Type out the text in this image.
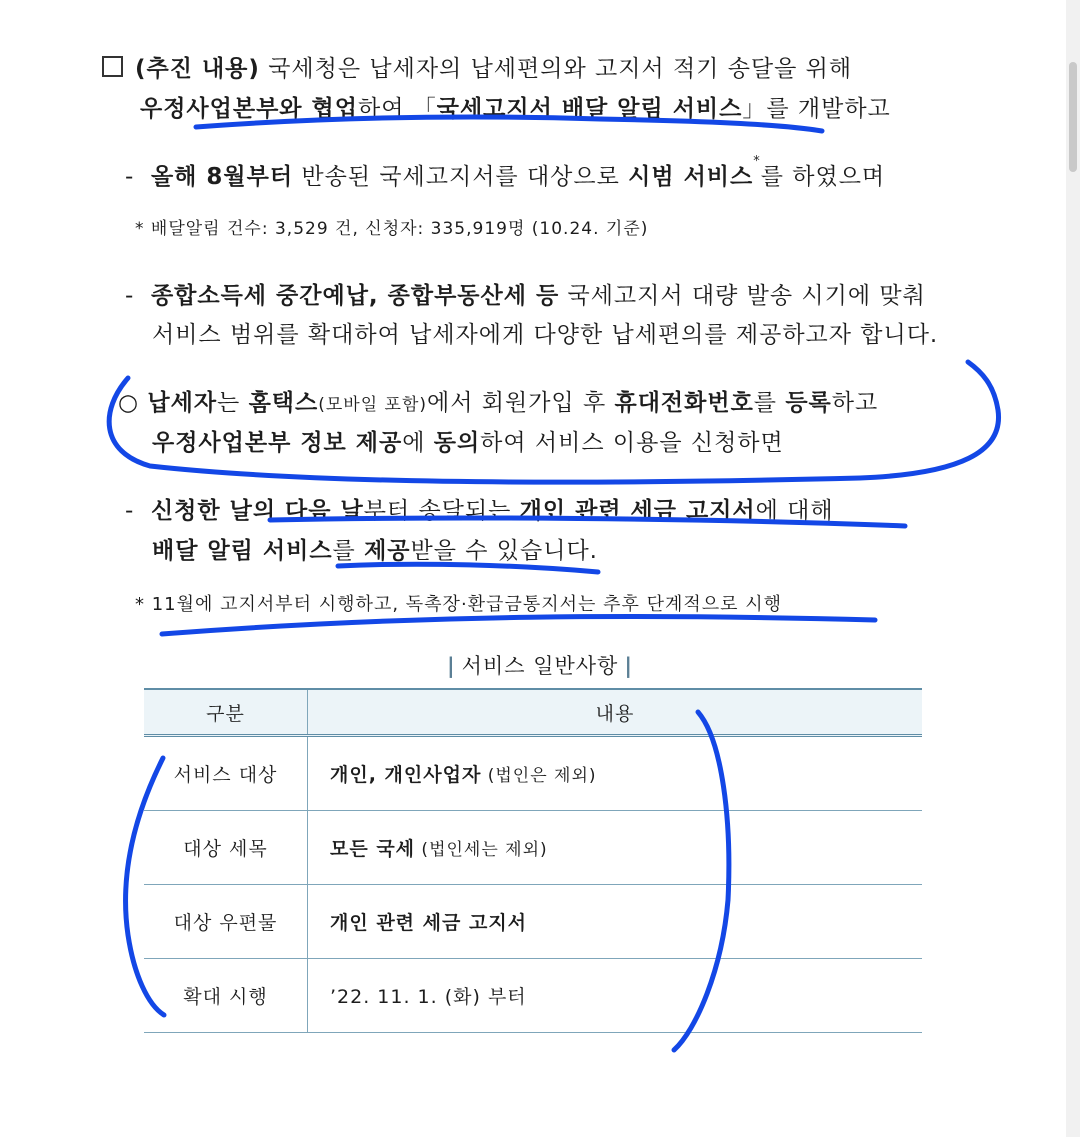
(추진 내용) 국세청은 납세자의 납세편의와 고지서 적기 송달을 위해
우정사업본부와 협업하여 「국세고지서 배달 알림 서비스」를 개발하고
- 올해 8월부터 반송된 국세고지서를 대상으로 시범 서비스*를 하였으며
* 배달알림 건수: 3,529 건, 신청자: 335,919명 (10.24. 기준)
- 종합소득세 중간예납, 종합부동산세 등 국세고지서 대량 발송 시기에 맞춰
서비스 범위를 확대하여 납세자에게 다양한 납세편의를 제공하고자 합니다.
○ 납세자는 홈택스(모바일 포함)에서 회원가입 후 휴대전화번호를 등록하고
우정사업본부 정보 제공에 동의하여 서비스 이용을 신청하면
- 신청한 날의 다음 날부터 송달되는 개인 관련 세금 고지서에 대해
배달 알림 서비스를 제공받을 수 있습니다.
* 11월에 고지서부터 시행하고, 독촉장·환급금통지서는 추후 단계적으로 시행
| 서비스 일반사항 |
구분	내용
서비스 대상	개인, 개인사업자 (법인은 제외)
대상 세목	모든 국세 (법인세는 제외)
대상 우편물	개인 관련 세금 고지서
확대 시행	’22. 11. 1. (화) 부터
